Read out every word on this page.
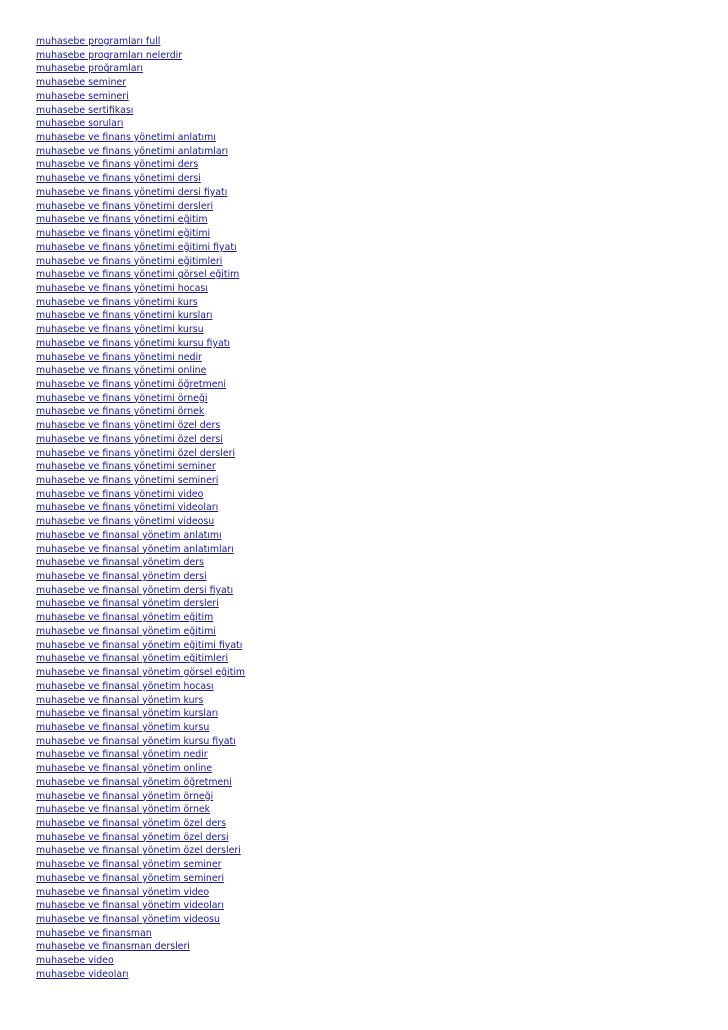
muhasebe programları full
muhasebe programları nelerdir
muhasebe proğramları
muhasebe seminer
muhasebe semineri
muhasebe sertifikası
muhasebe soruları
muhasebe ve finans yönetimi anlatımı
muhasebe ve finans yönetimi anlatımları
muhasebe ve finans yönetimi ders
muhasebe ve finans yönetimi dersi
muhasebe ve finans yönetimi dersi fiyatı
muhasebe ve finans yönetimi dersleri
muhasebe ve finans yönetimi eğitim
muhasebe ve finans yönetimi eğitimi
muhasebe ve finans yönetimi eğitimi fiyatı
muhasebe ve finans yönetimi eğitimleri
muhasebe ve finans yönetimi görsel eğitim
muhasebe ve finans yönetimi hocası
muhasebe ve finans yönetimi kurs
muhasebe ve finans yönetimi kursları
muhasebe ve finans yönetimi kursu
muhasebe ve finans yönetimi kursu fiyatı
muhasebe ve finans yönetimi nedir
muhasebe ve finans yönetimi online
muhasebe ve finans yönetimi öğretmeni
muhasebe ve finans yönetimi örneği
muhasebe ve finans yönetimi örnek
muhasebe ve finans yönetimi özel ders
muhasebe ve finans yönetimi özel dersi
muhasebe ve finans yönetimi özel dersleri
muhasebe ve finans yönetimi seminer
muhasebe ve finans yönetimi semineri
muhasebe ve finans yönetimi video
muhasebe ve finans yönetimi videoları
muhasebe ve finans yönetimi videosu
muhasebe ve finansal yönetim anlatımı
muhasebe ve finansal yönetim anlatımları
muhasebe ve finansal yönetim ders
muhasebe ve finansal yönetim dersi
muhasebe ve finansal yönetim dersi fiyatı
muhasebe ve finansal yönetim dersleri
muhasebe ve finansal yönetim eğitim
muhasebe ve finansal yönetim eğitimi
muhasebe ve finansal yönetim eğitimi fiyatı
muhasebe ve finansal yönetim eğitimleri
muhasebe ve finansal yönetim görsel eğitim
muhasebe ve finansal yönetim hocası
muhasebe ve finansal yönetim kurs
muhasebe ve finansal yönetim kursları
muhasebe ve finansal yönetim kursu
muhasebe ve finansal yönetim kursu fiyatı
muhasebe ve finansal yönetim nedir
muhasebe ve finansal yönetim online
muhasebe ve finansal yönetim öğretmeni
muhasebe ve finansal yönetim örneği
muhasebe ve finansal yönetim örnek
muhasebe ve finansal yönetim özel ders
muhasebe ve finansal yönetim özel dersi
muhasebe ve finansal yönetim özel dersleri
muhasebe ve finansal yönetim seminer
muhasebe ve finansal yönetim semineri
muhasebe ve finansal yönetim video
muhasebe ve finansal yönetim videoları
muhasebe ve finansal yönetim videosu
muhasebe ve finansman
muhasebe ve finansman dersleri
muhasebe video
muhasebe videoları
